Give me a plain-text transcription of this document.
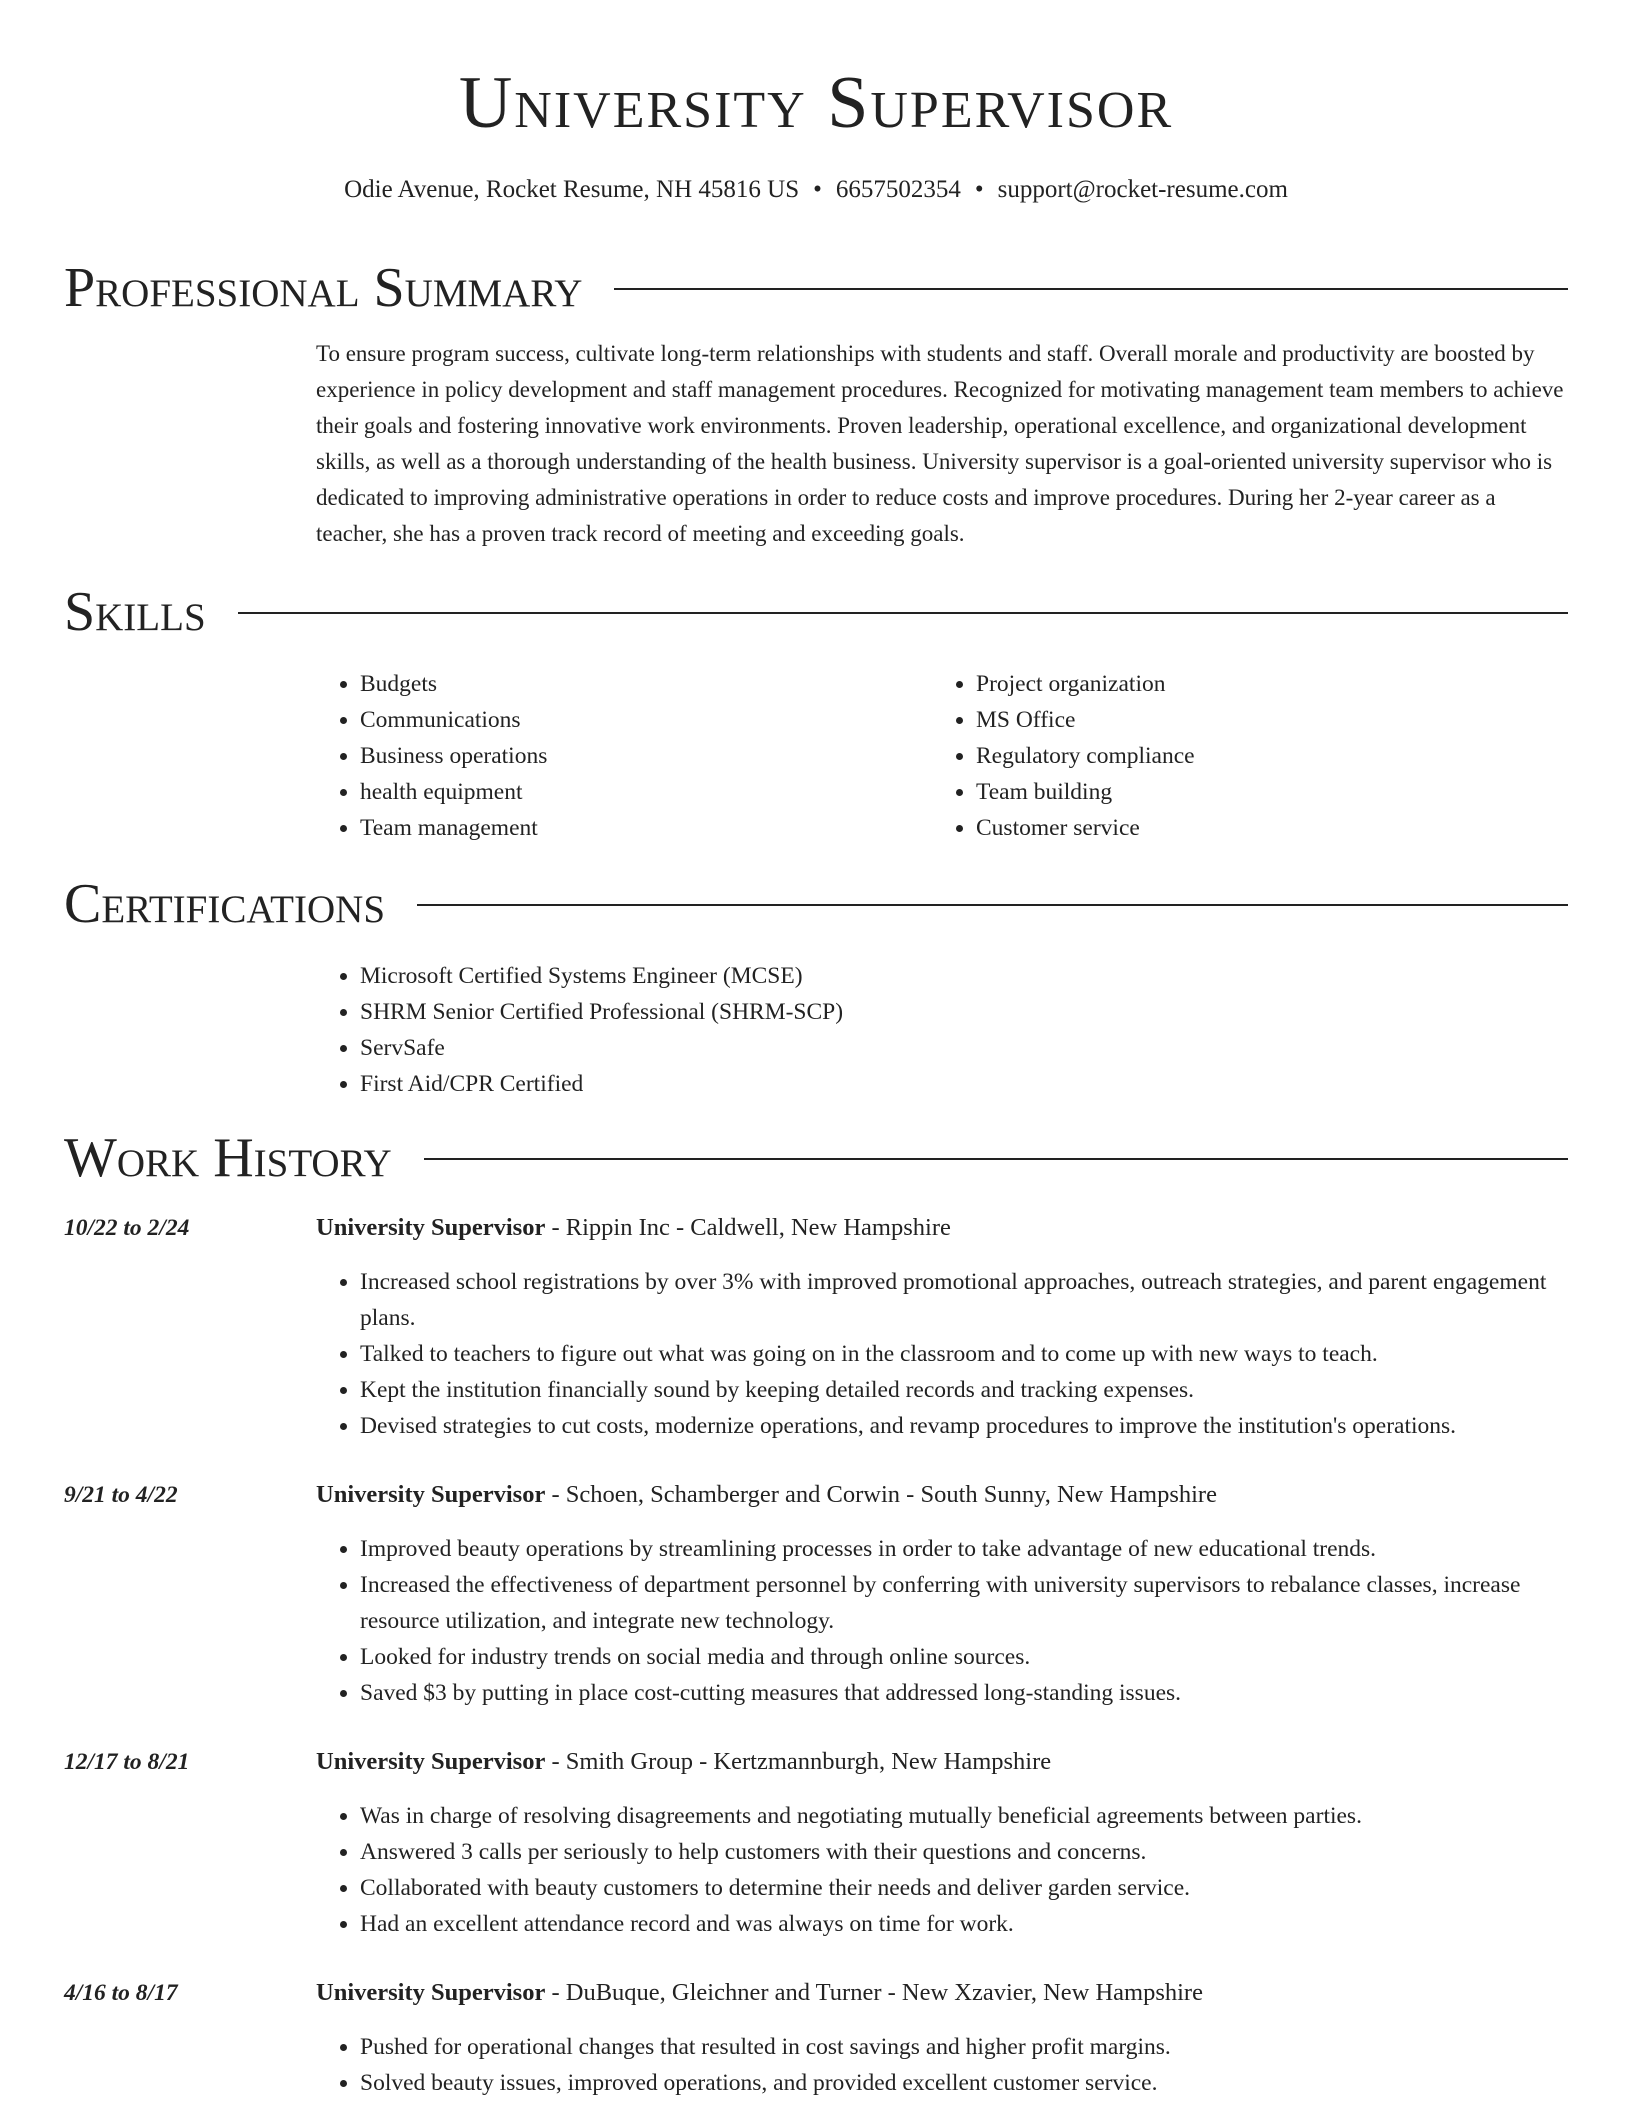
University Supervisor
Odie Avenue, Rocket Resume, NH 45816 US • 6657502354 • support@rocket-resume.com
Professional Summary
To ensure program success, cultivate long-term relationships with students and staff. Overall morale and productivity are boosted by experience in policy development and staff management procedures. Recognized for motivating management team members to achieve their goals and fostering innovative work environments. Proven leadership, operational excellence, and organizational development skills, as well as a thorough understanding of the health business. University supervisor is a goal-oriented university supervisor who is dedicated to improving administrative operations in order to reduce costs and improve procedures. During her 2-year career as a teacher, she has a proven track record of meeting and exceeding goals.
Skills
• Budgets
• Communications
• Business operations
• health equipment
• Team management
• Project organization
• MS Office
• Regulatory compliance
• Team building
• Customer service
Certifications
• Microsoft Certified Systems Engineer (MCSE)
• SHRM Senior Certified Professional (SHRM-SCP)
• ServSafe
• First Aid/CPR Certified
Work History
10/22 to 2/24	University Supervisor - Rippin Inc - Caldwell, New Hampshire
• Increased school registrations by over 3% with improved promotional approaches, outreach strategies, and parent engagement plans.
• Talked to teachers to figure out what was going on in the classroom and to come up with new ways to teach.
• Kept the institution financially sound by keeping detailed records and tracking expenses.
• Devised strategies to cut costs, modernize operations, and revamp procedures to improve the institution's operations.
9/21 to 4/22	University Supervisor - Schoen, Schamberger and Corwin - South Sunny, New Hampshire
• Improved beauty operations by streamlining processes in order to take advantage of new educational trends.
• Increased the effectiveness of department personnel by conferring with university supervisors to rebalance classes, increase resource utilization, and integrate new technology.
• Looked for industry trends on social media and through online sources.
• Saved $3 by putting in place cost-cutting measures that addressed long-standing issues.
12/17 to 8/21	University Supervisor - Smith Group - Kertzmannburgh, New Hampshire
• Was in charge of resolving disagreements and negotiating mutually beneficial agreements between parties.
• Answered 3 calls per seriously to help customers with their questions and concerns.
• Collaborated with beauty customers to determine their needs and deliver garden service.
• Had an excellent attendance record and was always on time for work.
4/16 to 8/17	University Supervisor - DuBuque, Gleichner and Turner - New Xzavier, New Hampshire
• Pushed for operational changes that resulted in cost savings and higher profit margins.
• Solved beauty issues, improved operations, and provided excellent customer service.
